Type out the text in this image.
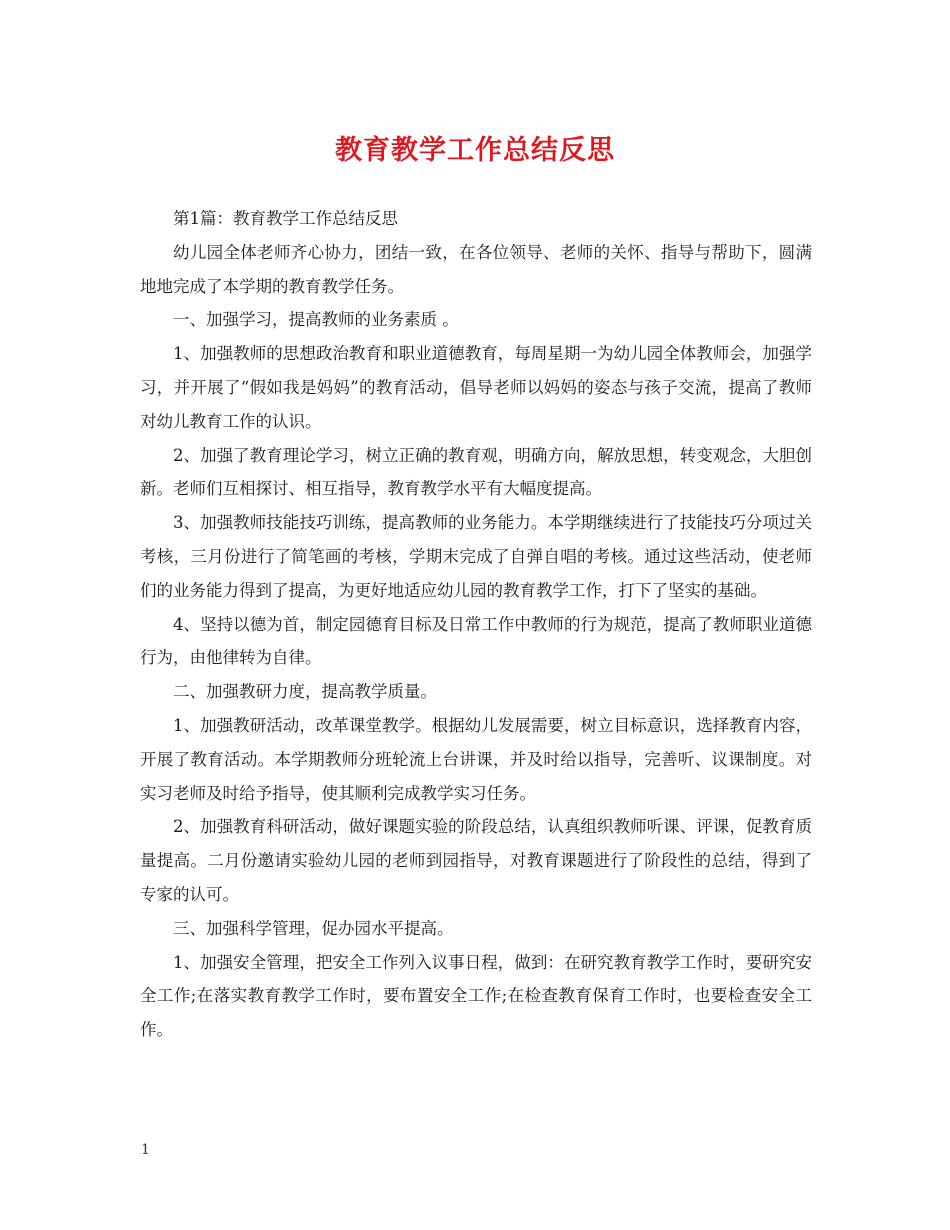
教育教学工作总结反思

第1篇：教育教学工作总结反思

幼儿园全体老师齐心协力，团结一致，在各位领导、老师的关怀、指导与帮助下，圆满地地完成了本学期的教育教学任务。

一、加强学习，提高教师的业务素质 。

1、加强教师的思想政治教育和职业道德教育，每周星期一为幼儿园全体教师会，加强学习，并开展了“假如我是妈妈”的教育活动，倡导老师以妈妈的姿态与孩子交流，提高了教师对幼儿教育工作的认识。

2、加强了教育理论学习，树立正确的教育观，明确方向，解放思想，转变观念，大胆创新。老师们互相探讨、相互指导，教育教学水平有大幅度提高。

3、加强教师技能技巧训练，提高教师的业务能力。本学期继续进行了技能技巧分项过关考核，三月份进行了简笔画的考核，学期末完成了自弹自唱的考核。通过这些活动，使老师们的业务能力得到了提高，为更好地适应幼儿园的教育教学工作，打下了坚实的基础。

4、坚持以德为首，制定园德育目标及日常工作中教师的行为规范，提高了教师职业道德行为，由他律转为自律。

二、加强教研力度，提高教学质量。

1、加强教研活动，改革课堂教学。根据幼儿发展需要，树立目标意识，选择教育内容，开展了教育活动。本学期教师分班轮流上台讲课，并及时给以指导，完善听、议课制度。对实习老师及时给予指导，使其顺利完成教学实习任务。

2、加强教育科研活动，做好课题实验的阶段总结，认真组织教师听课、评课，促教育质量提高。二月份邀请实验幼儿园的老师到园指导，对教育课题进行了阶段性的总结，得到了专家的认可。

三、加强科学管理，促办园水平提高。

1、加强安全管理，把安全工作列入议事日程，做到：在研究教育教学工作时，要研究安全工作;在落实教育教学工作时，要布置安全工作;在检查教育保育工作时，也要检查安全工作。

1
